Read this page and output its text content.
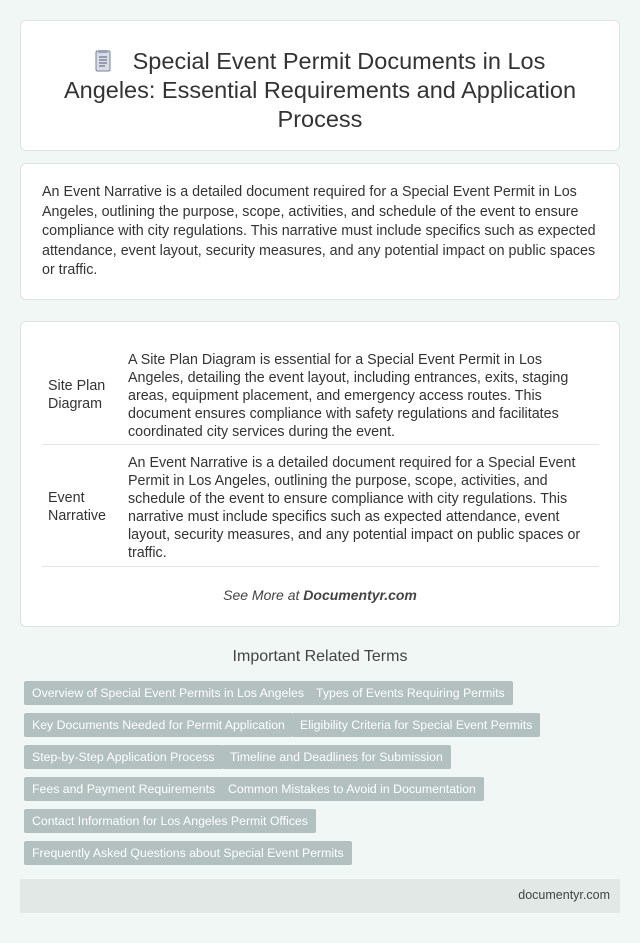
Special Event Permit Documents in Los Angeles: Essential Requirements and Application Process

An Event Narrative is a detailed document required for a Special Event Permit in Los Angeles, outlining the purpose, scope, activities, and schedule of the event to ensure compliance with city regulations. This narrative must include specifics such as expected attendance, event layout, security measures, and any potential impact on public spaces or traffic.

Site Plan Diagram
A Site Plan Diagram is essential for a Special Event Permit in Los Angeles, detailing the event layout, including entrances, exits, staging areas, equipment placement, and emergency access routes. This document ensures compliance with safety regulations and facilitates coordinated city services during the event.
Event Narrative
An Event Narrative is a detailed document required for a Special Event Permit in Los Angeles, outlining the purpose, scope, activities, and schedule of the event to ensure compliance with city regulations. This narrative must include specifics such as expected attendance, event layout, security measures, and any potential impact on public spaces or traffic.
See More at Documentyr.com
Important Related Terms
Overview of Special Event Permits in Los Angeles Types of Events Requiring Permits
Key Documents Needed for Permit Application	Eligibility Criteria for Special Event Permits
Step-by-Step Application Process	Timeline and Deadlines for Submission
Fees and Payment Requirements	Common Mistakes to Avoid in Documentation
Contact Information for Los Angeles Permit Offices
Frequently Asked Questions about Special Event Permits
documentyr.com
